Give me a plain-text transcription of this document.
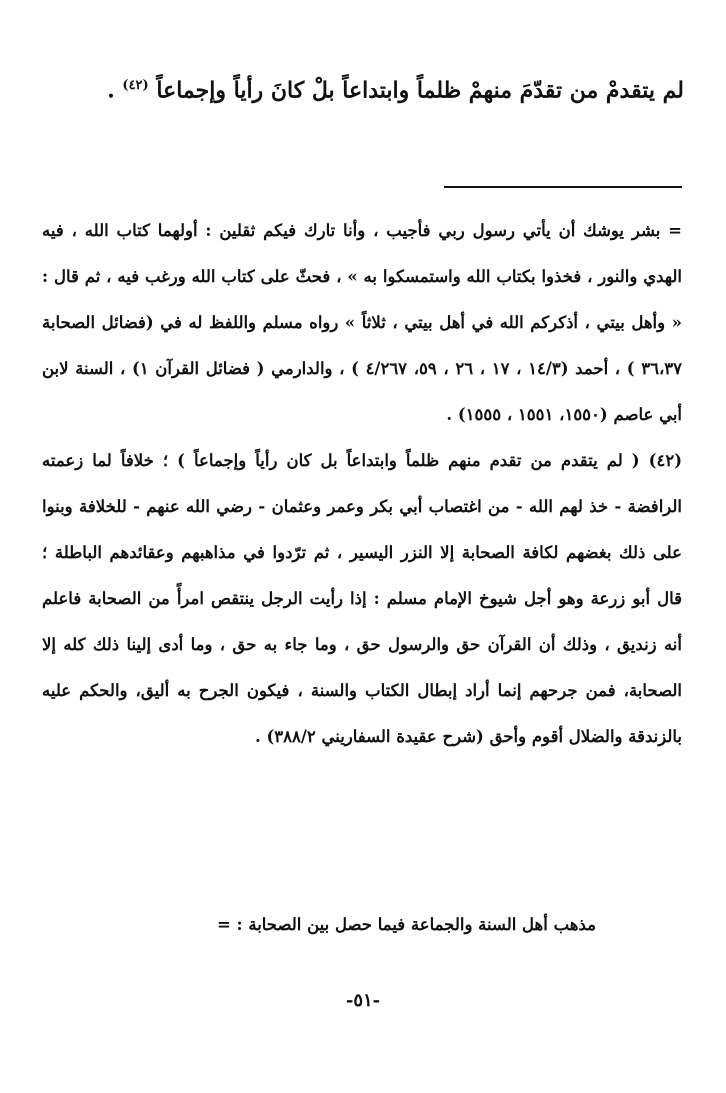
لم يتقدمْ من تقدّمَ منهمْ ظلماً وابتداعاً بلْ كانَ رأياً وإجماعاً $^{(٤٢)}$ .

= بشر يوشك أن يأتي رسول ربي فأجيب ، وأنا تارك فيكم ثقلين : أولهما كتاب الله ، فيه الهدي والنور ، فخذوا بكتاب الله واستمسكوا به » ، فحثّ على كتاب الله ورغب فيه ، ثم قال : « وأهل بيتي ، أذكركم الله في أهل بيتي ، ثلاثاً » رواه مسلم واللفظ له في (فضائل الصحابة ٣٦،٣٧ ) ، أحمد (١٤/٣ ، ١٧ ، ٢٦ ، ٥٩، ٤/٢٦٧ ) ، والدارمي ( فضائل القرآن ١) ، السنة لابن أبي عاصم (١٥٥٠، ١٥٥١ ، ١٥٥٥) .

(٤٢) ( لم يتقدم من تقدم منهم ظلماً وابتداعاً بل كان رأياً وإجماعاً ) ؛ خلافاً لما زعمته الرافضة - خذ لهم الله - من اغتصاب أبي بكر وعمر وعثمان - رضي الله عنهم - للخلافة وبنوا على ذلك بغضهم لكافة الصحابة إلا النزر اليسير ، ثم ترّدوا في مذاهبهم وعقائدهم الباطلة ؛ قال أبو زرعة وهو أجل شيوخ الإمام مسلم : إذا رأيت الرجل ينتقص امرأً من الصحابة فاعلم أنه زنديق ، وذلك أن القرآن حق والرسول حق ، وما جاء به حق ، وما أدى إلينا ذلك كله إلا الصحابة، فمن جرحهم إنما أراد إبطال الكتاب والسنة ، فيكون الجرح به أليق، والحكم عليه بالزندقة والضلال أقوم وأحق (شرح عقيدة السفاريني ٣٨٨/٢) .

مذهب أهل السنة والجماعة فيما حصل بين الصحابة : =
-٥١-
